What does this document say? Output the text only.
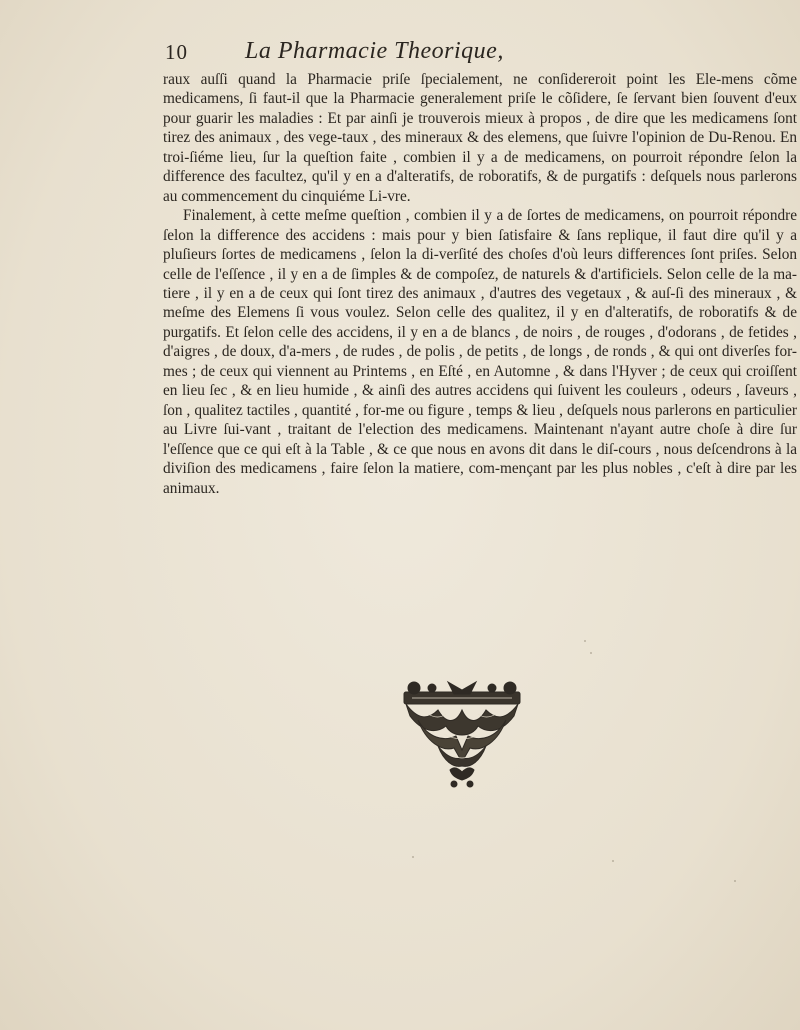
10 La Pharmacie Theorique,

raux auſſi quand la Pharmacie priſe ſpecialement, ne conſidereroit point les Ele-mens cõme medicamens, ſi faut-il que la Pharmacie generalement priſe le cõſidere, ſe ſervant bien ſouvent d'eux pour guarir les maladies : Et par ainſi je trouverois mieux à propos , de dire que les medicamens ſont tirez des animaux , des vege-taux , des mineraux & des elemens, que ſuivre l'opinion de Du-Renou. En troi-ſiéme lieu, ſur la queſtion faite , combien il y a de medicamens, on pourroit répondre ſelon la difference des facultez, qu'il y en a d'alteratifs, de roboratifs, & de purgatifs : deſquels nous parlerons au commencement du cinquiéme Li-vre.

Finalement, à cette meſme queſtion , combien il y a de ſortes de medicamens, on pourroit répondre ſelon la difference des accidens : mais pour y bien ſatisfaire & ſans replique, il faut dire qu'il y a pluſieurs ſortes de medicamens , ſelon la di-verſité des choſes d'où leurs differences ſont priſes. Selon celle de l'eſſence , il y en a de ſimples & de compoſez, de naturels & d'artificiels. Selon celle de la ma-tiere , il y en a de ceux qui ſont tirez des animaux , d'autres des vegetaux , & auſ-ſi des mineraux , & meſme des Elemens ſi vous voulez. Selon celle des qualitez, il y en d'alteratifs, de roboratifs & de purgatifs. Et ſelon celle des accidens, il y en a de blancs , de noirs , de rouges , d'odorans , de fetides , d'aigres , de doux, d'a-mers , de rudes , de polis , de petits , de longs , de ronds , & qui ont diverſes for-mes ; de ceux qui viennent au Printems , en Eſté , en Automne , & dans l'Hyver ; de ceux qui croiſſent en lieu ſec , & en lieu humide , & ainſi des autres accidens qui ſuivent les couleurs , odeurs , ſaveurs , ſon , qualitez tactiles , quantité , for-me ou figure , temps & lieu , deſquels nous parlerons en particulier au Livre ſui-vant , traitant de l'election des medicamens. Maintenant n'ayant autre choſe à dire ſur l'eſſence que ce qui eſt à la Table , & ce que nous en avons dit dans le diſ-cours , nous deſcendrons à la diviſion des medicamens , faire ſelon la matiere, com-mençant par les plus nobles , c'eſt à dire par les animaux.
